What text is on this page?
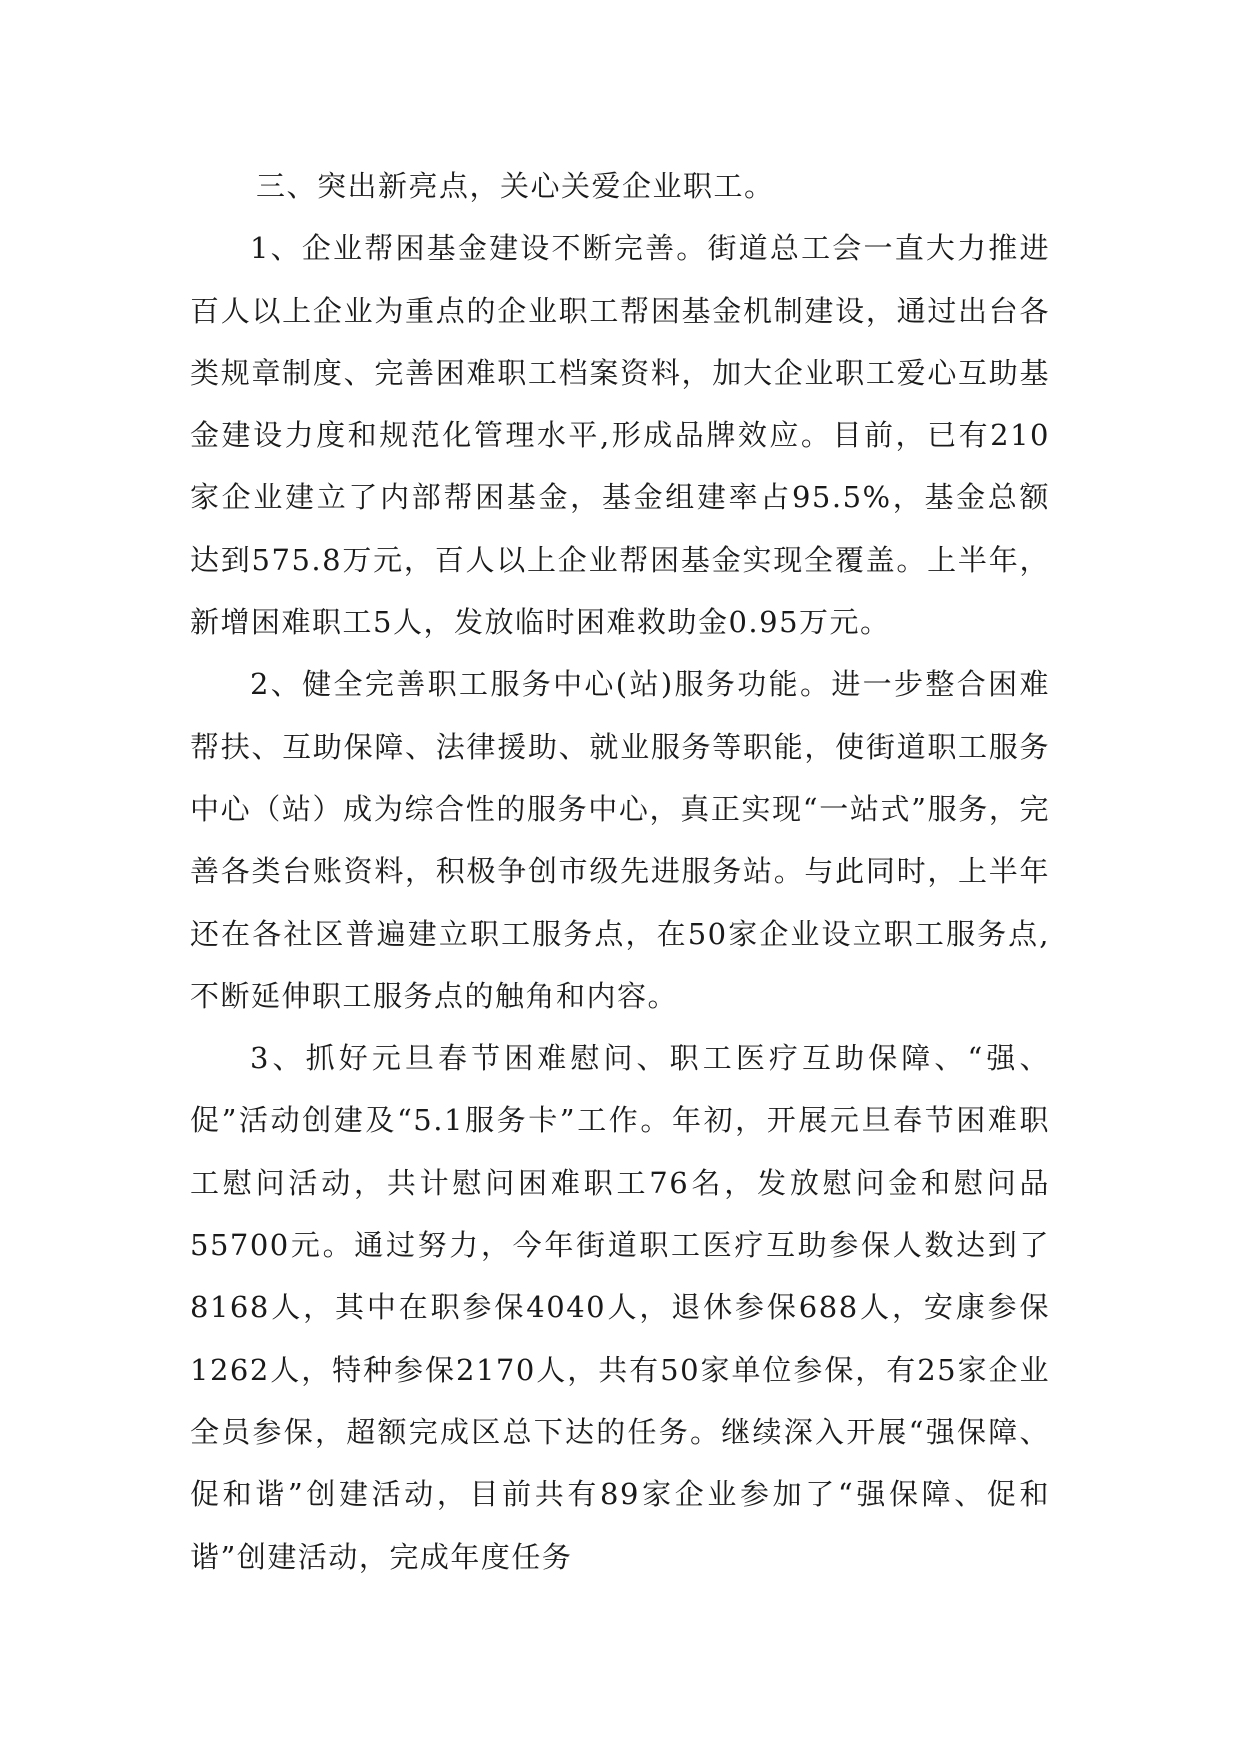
三、突出新亮点，关心关爱企业职工。

1、企业帮困基金建设不断完善。街道总工会一直大力推进百人以上企业为重点的企业职工帮困基金机制建设，通过出台各类规章制度、完善困难职工档案资料，加大企业职工爱心互助基金建设力度和规范化管理水平,形成品牌效应。目前，已有210家企业建立了内部帮困基金，基金组建率占95.5%，基金总额达到575.8万元，百人以上企业帮困基金实现全覆盖。上半年，新增困难职工5人，发放临时困难救助金0.95万元。

2、健全完善职工服务中心(站)服务功能。进一步整合困难帮扶、互助保障、法律援助、就业服务等职能，使街道职工服务中心（站）成为综合性的服务中心，真正实现“一站式”服务，完善各类台账资料，积极争创市级先进服务站。与此同时，上半年还在各社区普遍建立职工服务点，在50家企业设立职工服务点,不断延伸职工服务点的触角和内容。

3、抓好元旦春节困难慰问、职工医疗互助保障、“强、促”活动创建及“5.1服务卡”工作。年初，开展元旦春节困难职工慰问活动，共计慰问困难职工76名，发放慰问金和慰问品55700元。通过努力，今年街道职工医疗互助参保人数达到了8168人，其中在职参保4040人，退休参保688人，安康参保1262人，特种参保2170人，共有50家单位参保，有25家企业全员参保，超额完成区总下达的任务。继续深入开展“强保障、促和谐”创建活动，目前共有89家企业参加了“强保障、促和谐”创建活动，完成年度任务
